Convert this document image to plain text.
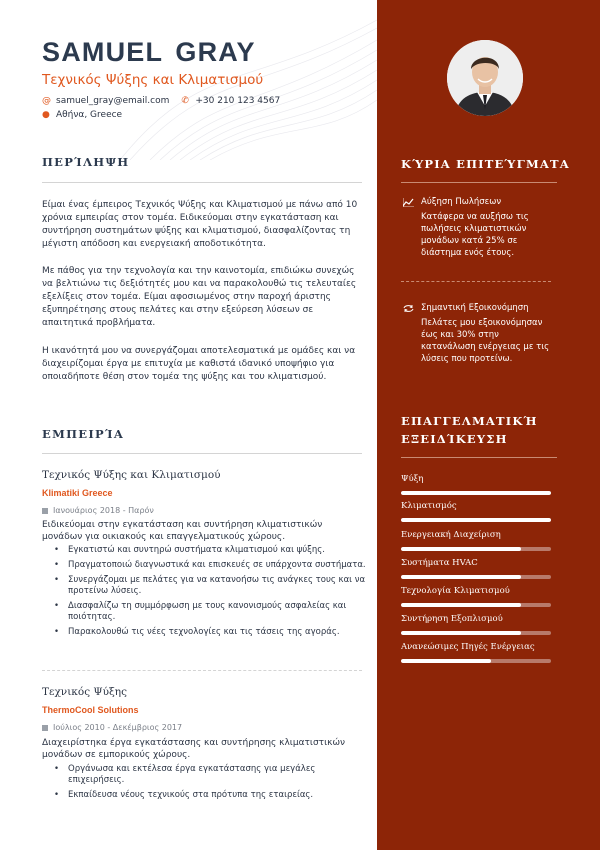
SAMUEL GRAY
Τεχνικός Ψύξης και Κλιματισμού
@ samuel_gray@email.com ✆ +30 210 123 4567
● Αθήνα, Greece
ΠΕΡΊΛΗΨΗ
Είμαι ένας έμπειρος Τεχνικός Ψύξης και Κλιματισμού με πάνω από 10 χρόνια εμπειρίας στον τομέα. Ειδικεύομαι στην εγκατάσταση και συντήρηση συστημάτων ψύξης και κλιματισμού, διασφαλίζοντας τη μέγιστη απόδοση και ενεργειακή αποδοτικότητα.
Με πάθος για την τεχνολογία και την καινοτομία, επιδιώκω συνεχώς να βελτιώνω τις δεξιότητές μου και να παρακολουθώ τις τελευταίες εξελίξεις στον τομέα. Είμαι αφοσιωμένος στην παροχή άριστης εξυπηρέτησης στους πελάτες και στην εξεύρεση λύσεων σε απαιτητικά προβλήματα.
Η ικανότητά μου να συνεργάζομαι αποτελεσματικά με ομάδες και να διαχειρίζομαι έργα με επιτυχία με καθιστά ιδανικό υποψήφιο για οποιαδήποτε θέση στον τομέα της ψύξης και του κλιματισμού.
ΕΜΠΕΙΡΊΑ
Τεχνικός Ψύξης και Κλιματισμού
Klimatiki Greece
Ιανουάριος 2018 - Παρόν
Ειδικεύομαι στην εγκατάσταση και συντήρηση κλιματιστικών μονάδων για οικιακούς και επαγγελματικούς χώρους.
• Εγκατιστώ και συντηρώ συστήματα κλιματισμού και ψύξης.
• Πραγματοποιώ διαγνωστικά και επισκευές σε υπάρχοντα συστήματα.
• Συνεργάζομαι με πελάτες για να κατανοήσω τις ανάγκες τους και να προτείνω λύσεις.
• Διασφαλίζω τη συμμόρφωση με τους κανονισμούς ασφαλείας και ποιότητας.
• Παρακολουθώ τις νέες τεχνολογίες και τις τάσεις της αγοράς.
Τεχνικός Ψύξης
ThermoCool Solutions
Ιούλιος 2010 - Δεκέμβριος 2017
Διαχειρίστηκα έργα εγκατάστασης και συντήρησης κλιματιστικών μονάδων σε εμπορικούς χώρους.
• Οργάνωσα και εκτέλεσα έργα εγκατάστασης για μεγάλες επιχειρήσεις.
• Εκπαίδευσα νέους τεχνικούς στα πρότυπα της εταιρείας.
ΚΎΡΙΑ ΕΠΙΤΕΎΓΜΑΤΑ
Αύξηση Πωλήσεων
Κατάφερα να αυξήσω τις πωλήσεις κλιματιστικών μονάδων κατά 25% σε διάστημα ενός έτους.
Σημαντική Εξοικονόμηση
Πελάτες μου εξοικονόμησαν έως και 30% στην κατανάλωση ενέργειας με τις λύσεις που προτείνω.
ΕΠΑΓΓΕΛΜΑΤΙΚΉ
ΕΞΕΙΔΊΚΕΥΣΗ
Ψύξη
Κλιματισμός
Ενεργειακή Διαχείριση
Συστήματα HVAC
Τεχνολογία Κλιματισμού
Συντήρηση Εξοπλισμού
Ανανεώσιμες Πηγές Ενέργειας
